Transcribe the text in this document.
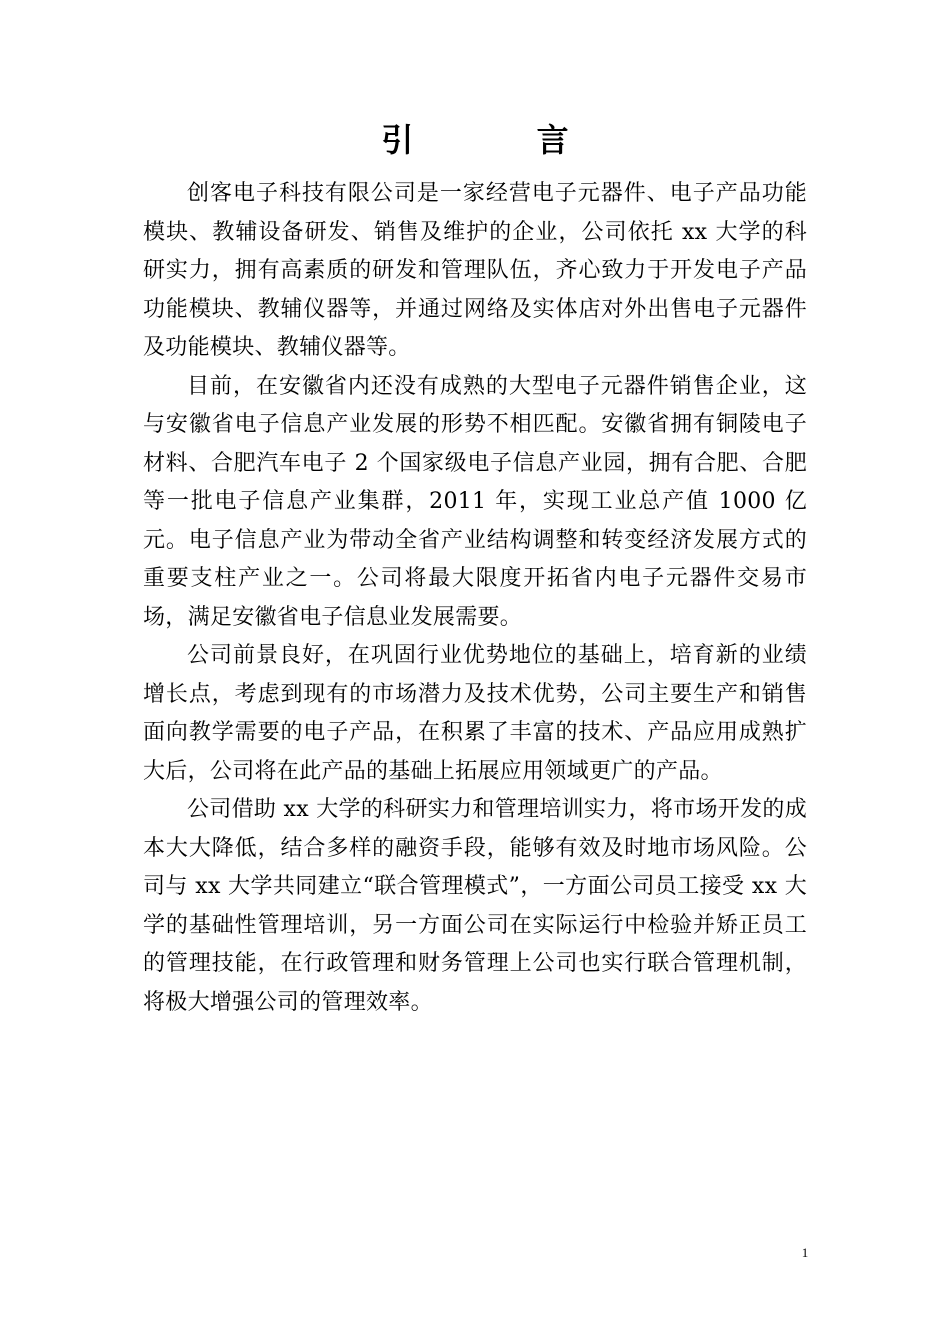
引 言

创客电子科技有限公司是一家经营电子元器件、电子产品功能模块、教辅设备研发、销售及维护的企业，公司依托 xx 大学的科研实力，拥有高素质的研发和管理队伍，齐心致力于开发电子产品功能模块、教辅仪器等，并通过网络及实体店对外出售电子元器件及功能模块、教辅仪器等。

目前，在安徽省内还没有成熟的大型电子元器件销售企业，这与安徽省电子信息产业发展的形势不相匹配。安徽省拥有铜陵电子材料、合肥汽车电子 2 个国家级电子信息产业园，拥有合肥、合肥等一批电子信息产业集群，2011 年，实现工业总产值 1000 亿元。电子信息产业为带动全省产业结构调整和转变经济发展方式的重要支柱产业之一。公司将最大限度开拓省内电子元器件交易市场，满足安徽省电子信息业发展需要。

公司前景良好，在巩固行业优势地位的基础上，培育新的业绩增长点，考虑到现有的市场潜力及技术优势，公司主要生产和销售面向教学需要的电子产品，在积累了丰富的技术、产品应用成熟扩大后，公司将在此产品的基础上拓展应用领域更广的产品。

公司借助 xx 大学的科研实力和管理培训实力，将市场开发的成本大大降低，结合多样的融资手段，能够有效及时地市场风险。公司与 xx 大学共同建立“联合管理模式”，一方面公司员工接受 xx 大学的基础性管理培训，另一方面公司在实际运行中检验并矫正员工的管理技能，在行政管理和财务管理上公司也实行联合管理机制，将极大增强公司的管理效率。

1
